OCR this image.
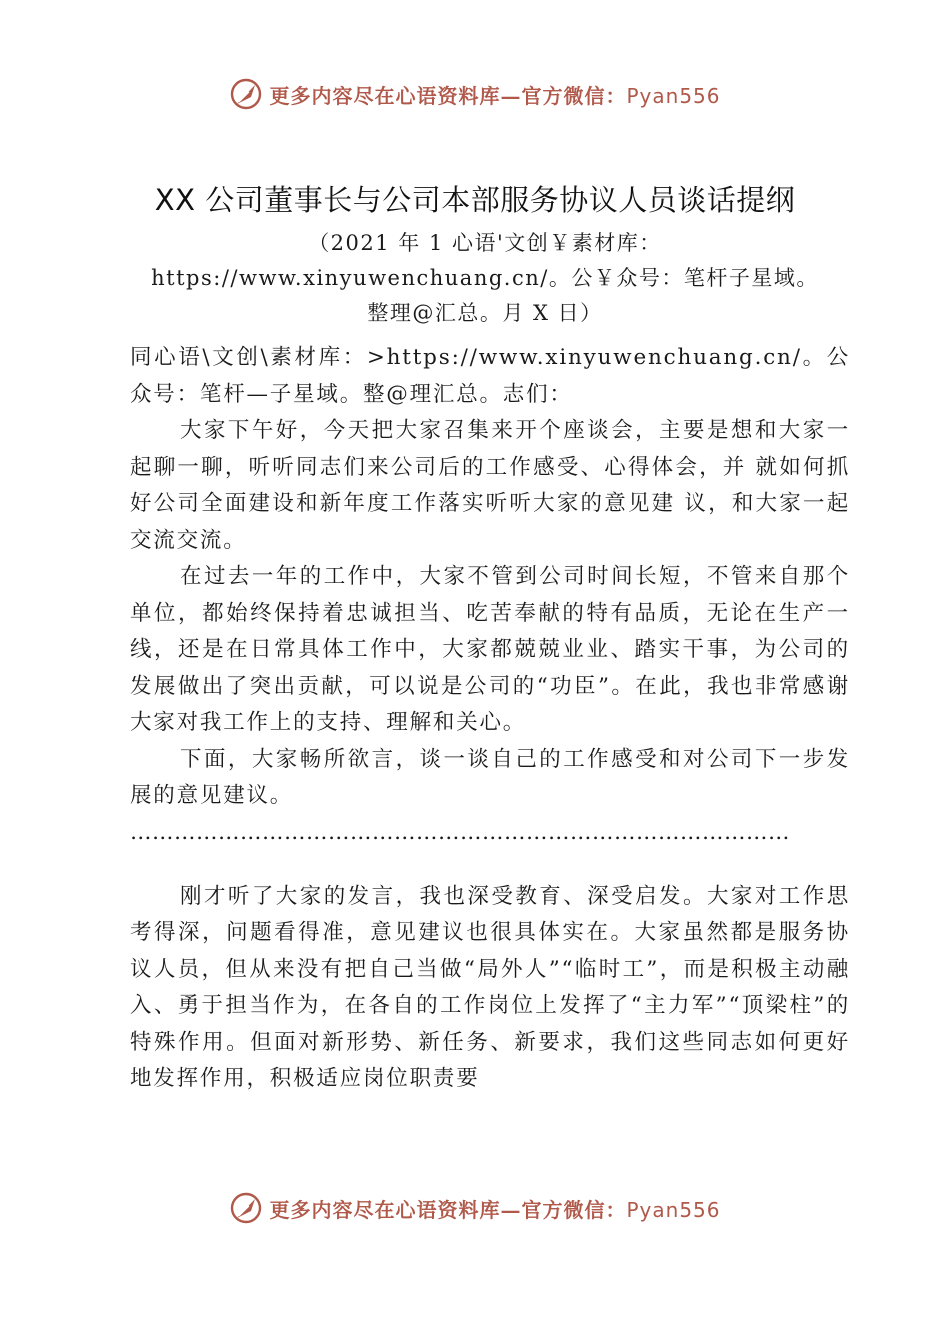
更多内容尽在心语资料库—官方微信：Pyan556
XX 公司董事长与公司本部服务协议人员谈话提纲
（2021 年 1 心语'文创￥素材库：https://www.xinyuwenchuang.cn/。公￥众号：笔杆子星域。整理@汇总。月 X 日）

同心语\文创\素材库：>https://www.xinyuwenchuang.cn/。公众号：笔杆—子星域。整@理汇总。志们：

大家下午好，今天把大家召集来开个座谈会，主要是想和大家一起聊一聊，听听同志们来公司后的工作感受、心得体会，并 就如何抓好公司全面建设和新年度工作落实听听大家的意见建 议，和大家一起交流交流。

在过去一年的工作中，大家不管到公司时间长短，不管来自那个单位，都始终保持着忠诚担当、吃苦奉献的特有品质，无论在生产一线，还是在日常具体工作中，大家都兢兢业业、踏实干事，为公司的发展做出了突出贡献，可以说是公司的“功臣”。在此，我也非常感谢大家对我工作上的支持、理解和关心。

下面，大家畅所欲言，谈一谈自己的工作感受和对公司下一步发展的意见建议。

………………………………………………………………………………

刚才听了大家的发言，我也深受教育、深受启发。大家对工作思考得深，问题看得准，意见建议也很具体实在。大家虽然都是服务协议人员，但从来没有把自己当做“局外人”“临时工”，而是积极主动融入、勇于担当作为，在各自的工作岗位上发挥了“主力军”“顶梁柱”的特殊作用。但面对新形势、新任务、新要求，我们这些同志如何更好地发挥作用，积极适应岗位职责要

更多内容尽在心语资料库—官方微信：Pyan556
